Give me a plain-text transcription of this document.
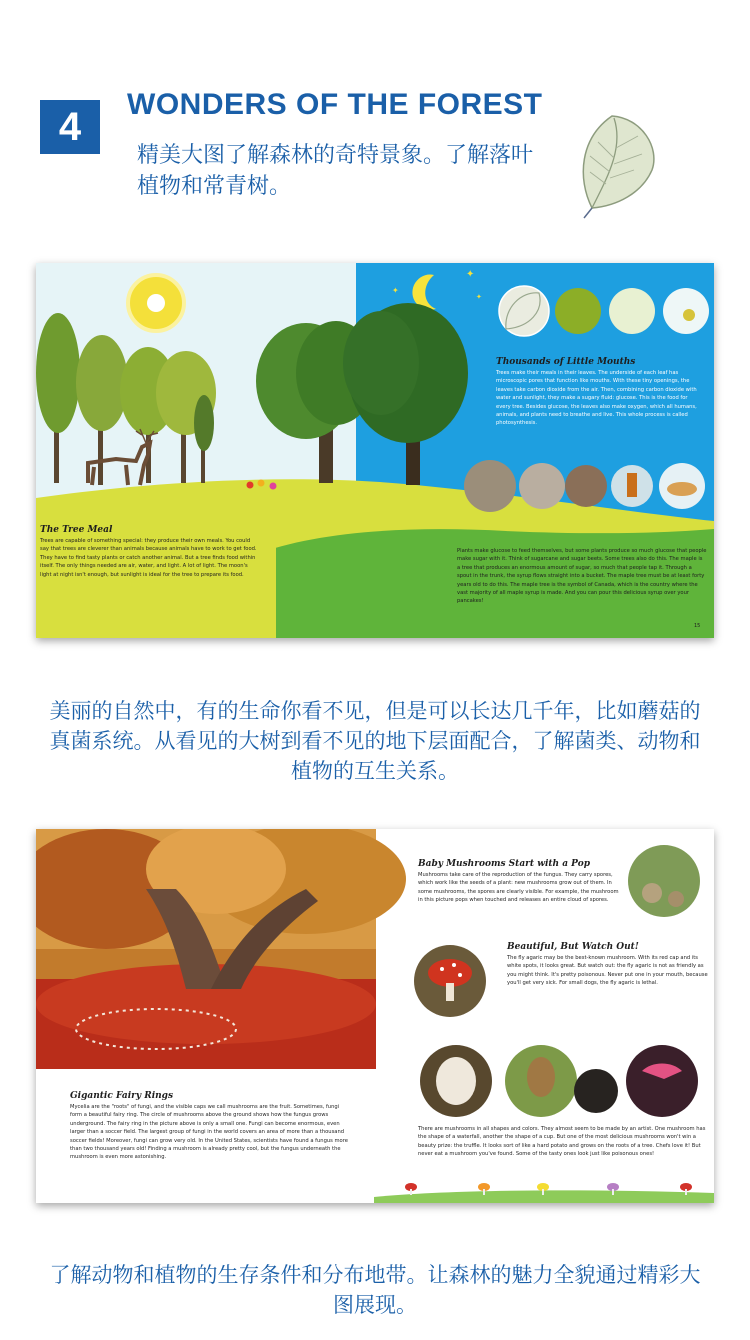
4
WONDERS OF THE FOREST
精美大图了解森林的奇特景象。了解落叶植物和常青树。
✦
✦
✦
15
The Tree Meal
Trees are capable of something special: they produce their own meals. You could say that trees are cleverer than animals because animals have to work to get food. They have to find tasty plants or catch another animal. But a tree finds food within itself. The only things needed are air, water, and light. A lot of light. The moon's light at night isn't enough, but sunlight is ideal for the tree to prepare its food.
Thousands of Little Mouths
Trees make their meals in their leaves. The underside of each leaf has microscopic pores that function like mouths. With these tiny openings, the leaves take carbon dioxide from the air. Then, combining carbon dioxide with water and sunlight, they make a sugary fluid: glucose. This is the food for every tree. Besides glucose, the leaves also make oxygen, which all humans, animals, and plants need to breathe and live. This whole process is called photosynthesis.
Plants make glucose to feed themselves, but some plants produce so much glucose that people make sugar with it. Think of sugarcane and sugar beets. Some trees also do this. The maple is a tree that produces an enormous amount of sugar, so much that people tap it. Through a spout in the trunk, the syrup flows straight into a bucket. The maple tree must be at least forty years old to do this. The maple tree is the symbol of Canada, which is the country where the vast majority of all maple syrup is made. And you can pour this delicious syrup over your pancakes!
美丽的自然中，有的生命你看不见，但是可以长达几千年，比如蘑菇的真菌系统。从看见的大树到看不见的地下层面配合，了解菌类、动物和植物的互生关系。
Baby Mushrooms Start with a Pop
Mushrooms take care of the reproduction of the fungus. They carry spores, which work like the seeds of a plant: new mushrooms grow out of them. In some mushrooms, the spores are clearly visible. For example, the mushroom in this picture pops when touched and releases an entire cloud of spores.
Beautiful, But Watch Out!
The fly agaric may be the best-known mushroom. With its red cap and its white spots, it looks great. But watch out: the fly agaric is not as friendly as you might think. It's pretty poisonous. Never put one in your mouth, because you'll get very sick. For small dogs, the fly agaric is lethal.
Gigantic Fairy Rings
Mycelia are the "roots" of fungi, and the visible caps we call mushrooms are the fruit. Sometimes, fungi form a beautiful fairy ring. The circle of mushrooms above the ground shows how the fungus grows underground. The fairy ring in the picture above is only a small one. Fungi can become enormous, even larger than a soccer field. The largest group of fungi in the world covers an area of more than a thousand soccer fields! Moreover, fungi can grow very old. In the United States, scientists have found a fungus more than two thousand years old! Finding a mushroom is already pretty cool, but the fungus underneath the mushroom is even more astonishing.
There are mushrooms in all shapes and colors. They almost seem to be made by an artist. One mushroom has the shape of a waterfall, another the shape of a cup. But one of the most delicious mushrooms won't win a beauty prize: the truffle. It looks sort of like a hard potato and grows on the roots of a tree. Chefs love it! But never eat a mushroom you've found. Some of the tasty ones look just like poisonous ones!
了解动物和植物的生存条件和分布地带。让森林的魅力全貌通过精彩大图展现。
